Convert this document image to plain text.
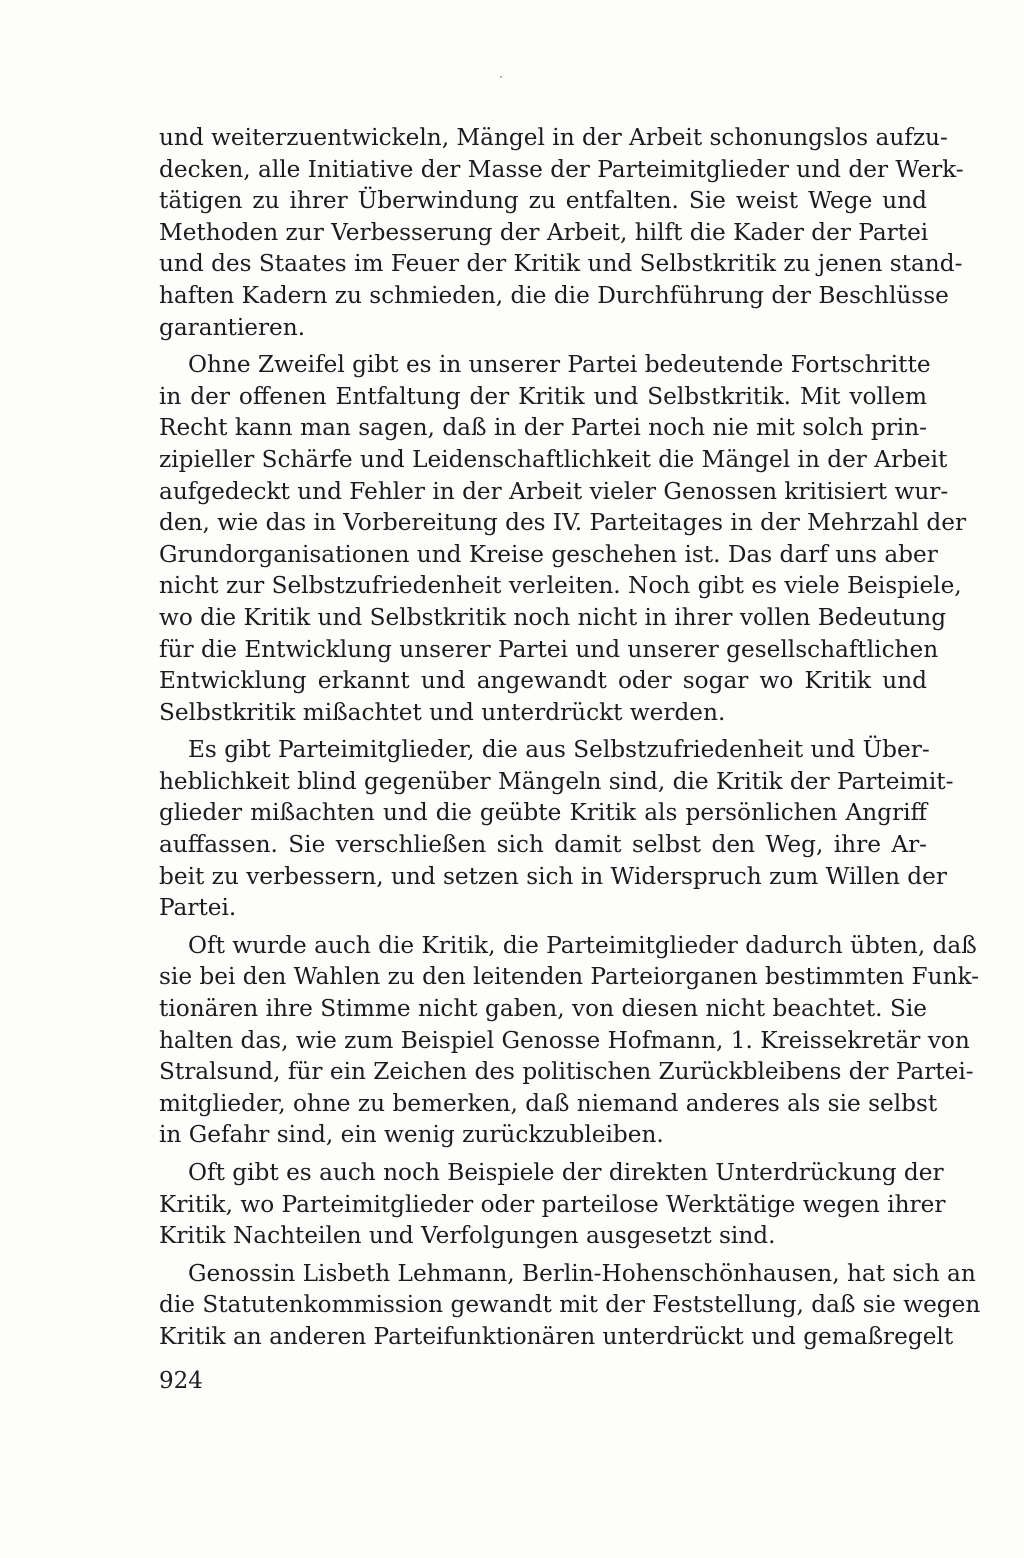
und weiterzuentwickeln, Mängel in der Arbeit schonungslos aufzu-
decken, alle Initiative der Masse der Parteimitglieder und der Werk-
tätigen zu ihrer Überwindung zu entfalten. Sie weist Wege und
Methoden zur Verbesserung der Arbeit, hilft die Kader der Partei
und des Staates im Feuer der Kritik und Selbstkritik zu jenen stand-
haften Kadern zu schmieden, die die Durchführung der Beschlüsse
garantieren.
Ohne Zweifel gibt es in unserer Partei bedeutende Fortschritte
in der offenen Entfaltung der Kritik und Selbstkritik. Mit vollem
Recht kann man sagen, daß in der Partei noch nie mit solch prin-
zipieller Schärfe und Leidenschaftlichkeit die Mängel in der Arbeit
aufgedeckt und Fehler in der Arbeit vieler Genossen kritisiert wur-
den, wie das in Vorbereitung des IV. Parteitages in der Mehrzahl der
Grundorganisationen und Kreise geschehen ist. Das darf uns aber
nicht zur Selbstzufriedenheit verleiten. Noch gibt es viele Beispiele,
wo die Kritik und Selbstkritik noch nicht in ihrer vollen Bedeutung
für die Entwicklung unserer Partei und unserer gesellschaftlichen
Entwicklung erkannt und angewandt oder sogar wo Kritik und
Selbstkritik mißachtet und unterdrückt werden.
Es gibt Parteimitglieder, die aus Selbstzufriedenheit und Über-
heblichkeit blind gegenüber Mängeln sind, die Kritik der Parteimit-
glieder mißachten und die geübte Kritik als persönlichen Angriff
auffassen. Sie verschließen sich damit selbst den Weg, ihre Ar-
beit zu verbessern, und setzen sich in Widerspruch zum Willen der
Partei.
Oft wurde auch die Kritik, die Parteimitglieder dadurch übten, daß
sie bei den Wahlen zu den leitenden Parteiorganen bestimmten Funk-
tionären ihre Stimme nicht gaben, von diesen nicht beachtet. Sie
halten das, wie zum Beispiel Genosse Hofmann, 1. Kreissekretär von
Stralsund, für ein Zeichen des politischen Zurückbleibens der Partei-
mitglieder, ohne zu bemerken, daß niemand anderes als sie selbst
in Gefahr sind, ein wenig zurückzubleiben.
Oft gibt es auch noch Beispiele der direkten Unterdrückung der
Kritik, wo Parteimitglieder oder parteilose Werktätige wegen ihrer
Kritik Nachteilen und Verfolgungen ausgesetzt sind.
Genossin Lisbeth Lehmann, Berlin-Hohenschönhausen, hat sich an
die Statutenkommission gewandt mit der Feststellung, daß sie wegen
Kritik an anderen Parteifunktionären unterdrückt und gemaßregelt
924
